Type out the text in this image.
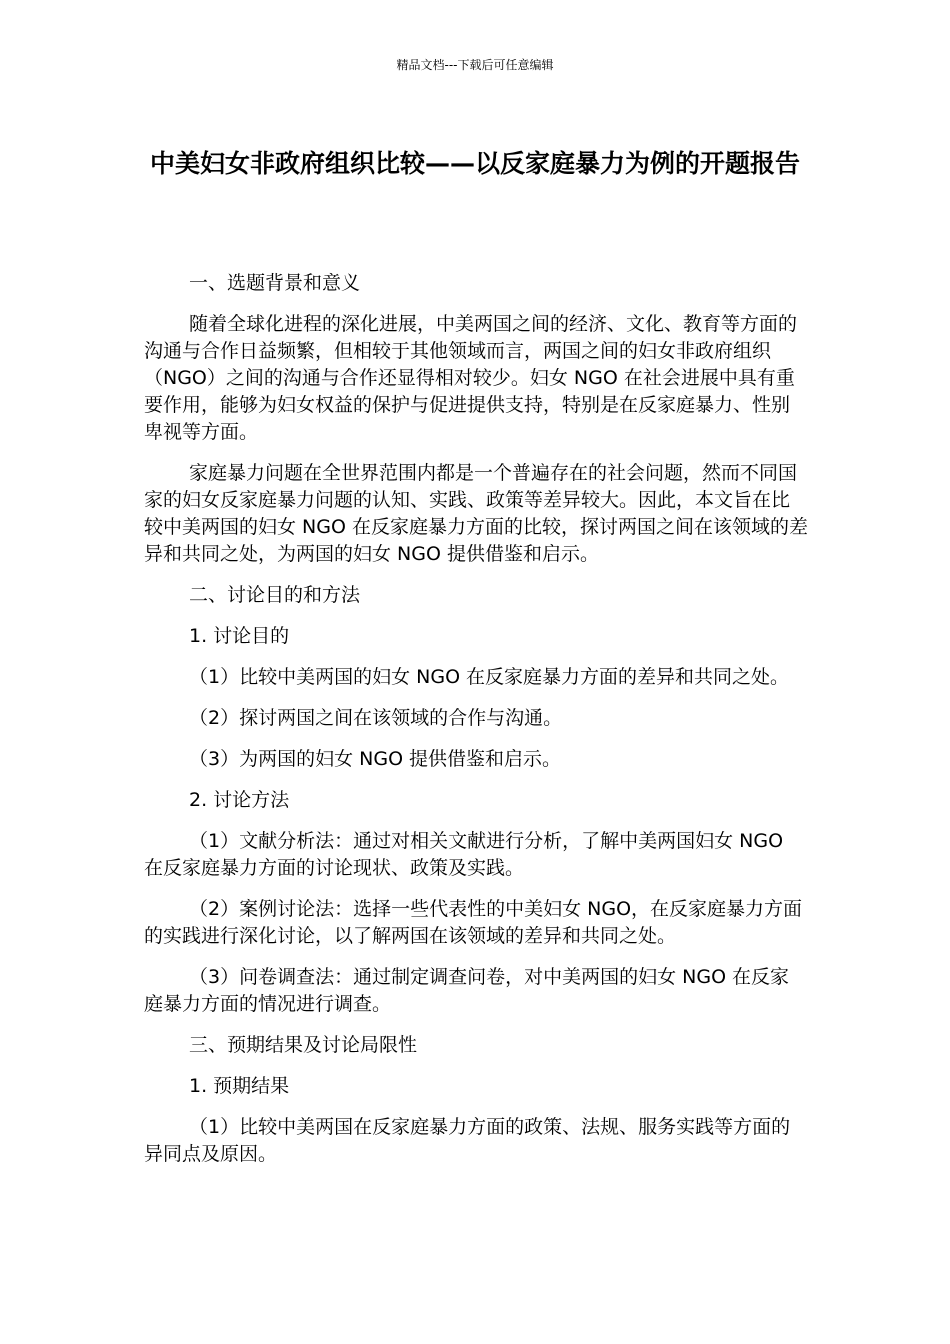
精品文档---下载后可任意编辑
中美妇女非政府组织比较——以反家庭暴力为例的开题报告

一、选题背景和意义

随着全球化进程的深化进展，中美两国之间的经济、文化、教育等方面的沟通与合作日益频繁，但相较于其他领域而言，两国之间的妇女非政府组织（NGO）之间的沟通与合作还显得相对较少。妇女 NGO 在社会进展中具有重要作用，能够为妇女权益的保护与促进提供支持，特别是在反家庭暴力、性别卑视等方面。

家庭暴力问题在全世界范围内都是一个普遍存在的社会问题，然而不同国家的妇女反家庭暴力问题的认知、实践、政策等差异较大。因此，本文旨在比较中美两国的妇女 NGO 在反家庭暴力方面的比较，探讨两国之间在该领域的差异和共同之处，为两国的妇女 NGO 提供借鉴和启示。

二、讨论目的和方法

1. 讨论目的

（1）比较中美两国的妇女 NGO 在反家庭暴力方面的差异和共同之处。

（2）探讨两国之间在该领域的合作与沟通。

（3）为两国的妇女 NGO 提供借鉴和启示。

2. 讨论方法

（1）文献分析法：通过对相关文献进行分析，了解中美两国妇女 NGO 在反家庭暴力方面的讨论现状、政策及实践。

（2）案例讨论法：选择一些代表性的中美妇女 NGO，在反家庭暴力方面的实践进行深化讨论，以了解两国在该领域的差异和共同之处。

（3）问卷调查法：通过制定调查问卷，对中美两国的妇女 NGO 在反家庭暴力方面的情况进行调查。

三、预期结果及讨论局限性

1. 预期结果

（1）比较中美两国在反家庭暴力方面的政策、法规、服务实践等方面的异同点及原因。
